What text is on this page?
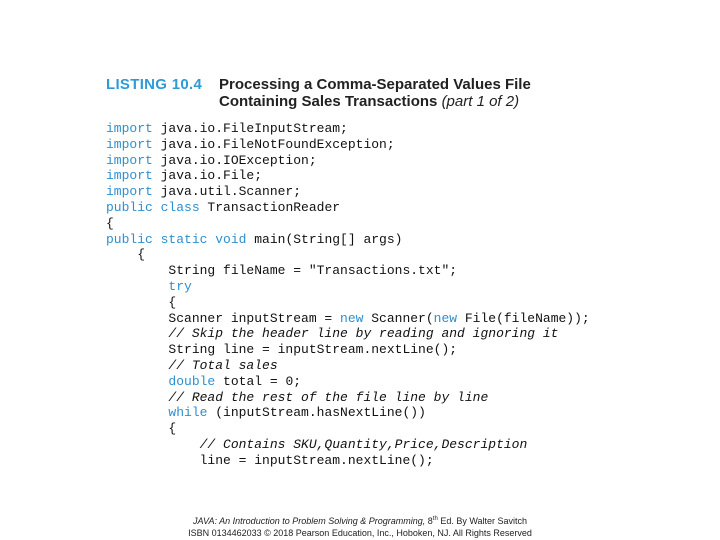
LISTING 10.4	Processing a Comma-Separated Values File
Containing Sales Transactions (part 1 of 2)
import java.io.FileInputStream;
import java.io.FileNotFoundException;
import java.io.IOException;
import java.io.File;
import java.util.Scanner;
public class TransactionReader
{
public static void main(String[] args)
{
String fileName = "Transactions.txt";
try
{
Scanner inputStream = new Scanner(new File(fileName));
// Skip the header line by reading and ignoring it
String line = inputStream.nextLine();
// Total sales
double total = 0;
// Read the rest of the file line by line
while (inputStream.hasNextLine())
{
// Contains SKU,Quantity,Price,Description
line = inputStream.nextLine();
JAVA: An Introduction to Problem Solving & Programming, 8th Ed. By Walter Savitch
ISBN 0134462033 © 2018 Pearson Education, Inc., Hoboken, NJ. All Rights Reserved
